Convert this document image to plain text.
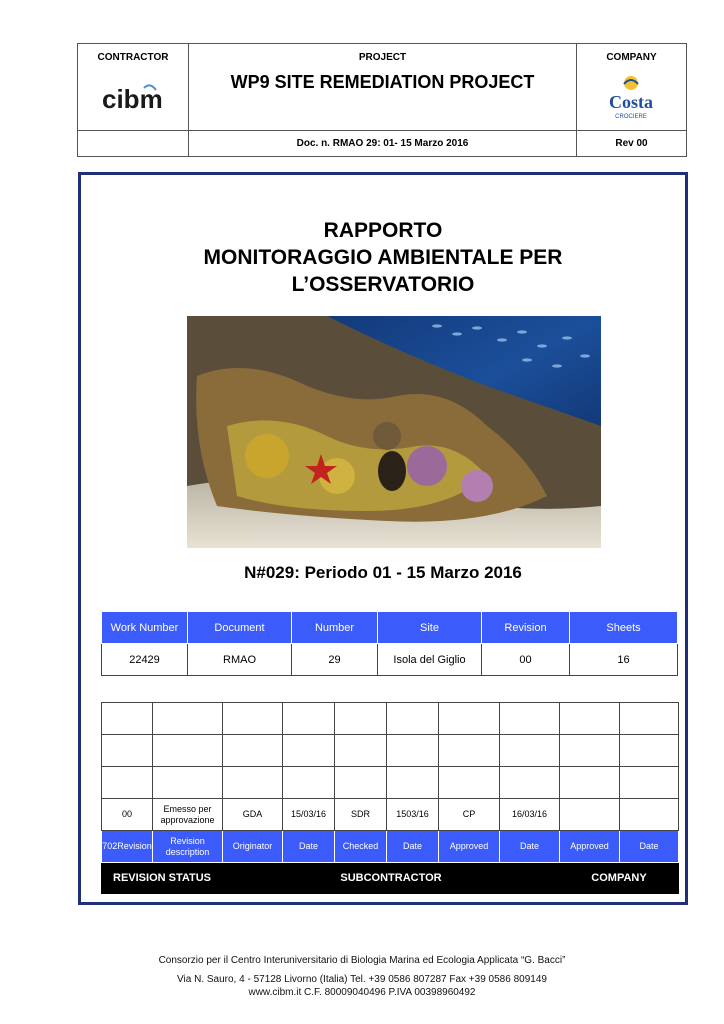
CONTRACTOR	PROJECT	COMPANY
cibm	Costa
CROCIERE
WP9 SITE REMEDIATION PROJECT
Doc. n. RMAO 29: 01- 15 Marzo 2016	Rev 00
RAPPORTO
MONITORAGGIO AMBIENTALE PER
L’OSSERVATORIO
N#029: Periodo 01 - 15 Marzo 2016
Work Number	Document	Number	Site	Revision	Sheets
22429	RMAO	29	Isola del Giglio	00	16

00	Emesso per approvazione	GDA	15/03/16	SDR	1503/16	CP	16/03/16		
702Revision	Revision description	Originator	Date	Checked	Date	Approved	Date	Approved	Date
REVISION STATUS		SUBCONTRACTOR						COMPANY	
Consorzio per il Centro Interuniversitario di Biologia Marina ed Ecologia Applicata “G. Bacci”
Via N. Sauro, 4 - 57128 Livorno (Italia) Tel. +39 0586 807287 Fax +39 0586 809149
www.cibm.it C.F. 80009040496 P.IVA 00398960492
